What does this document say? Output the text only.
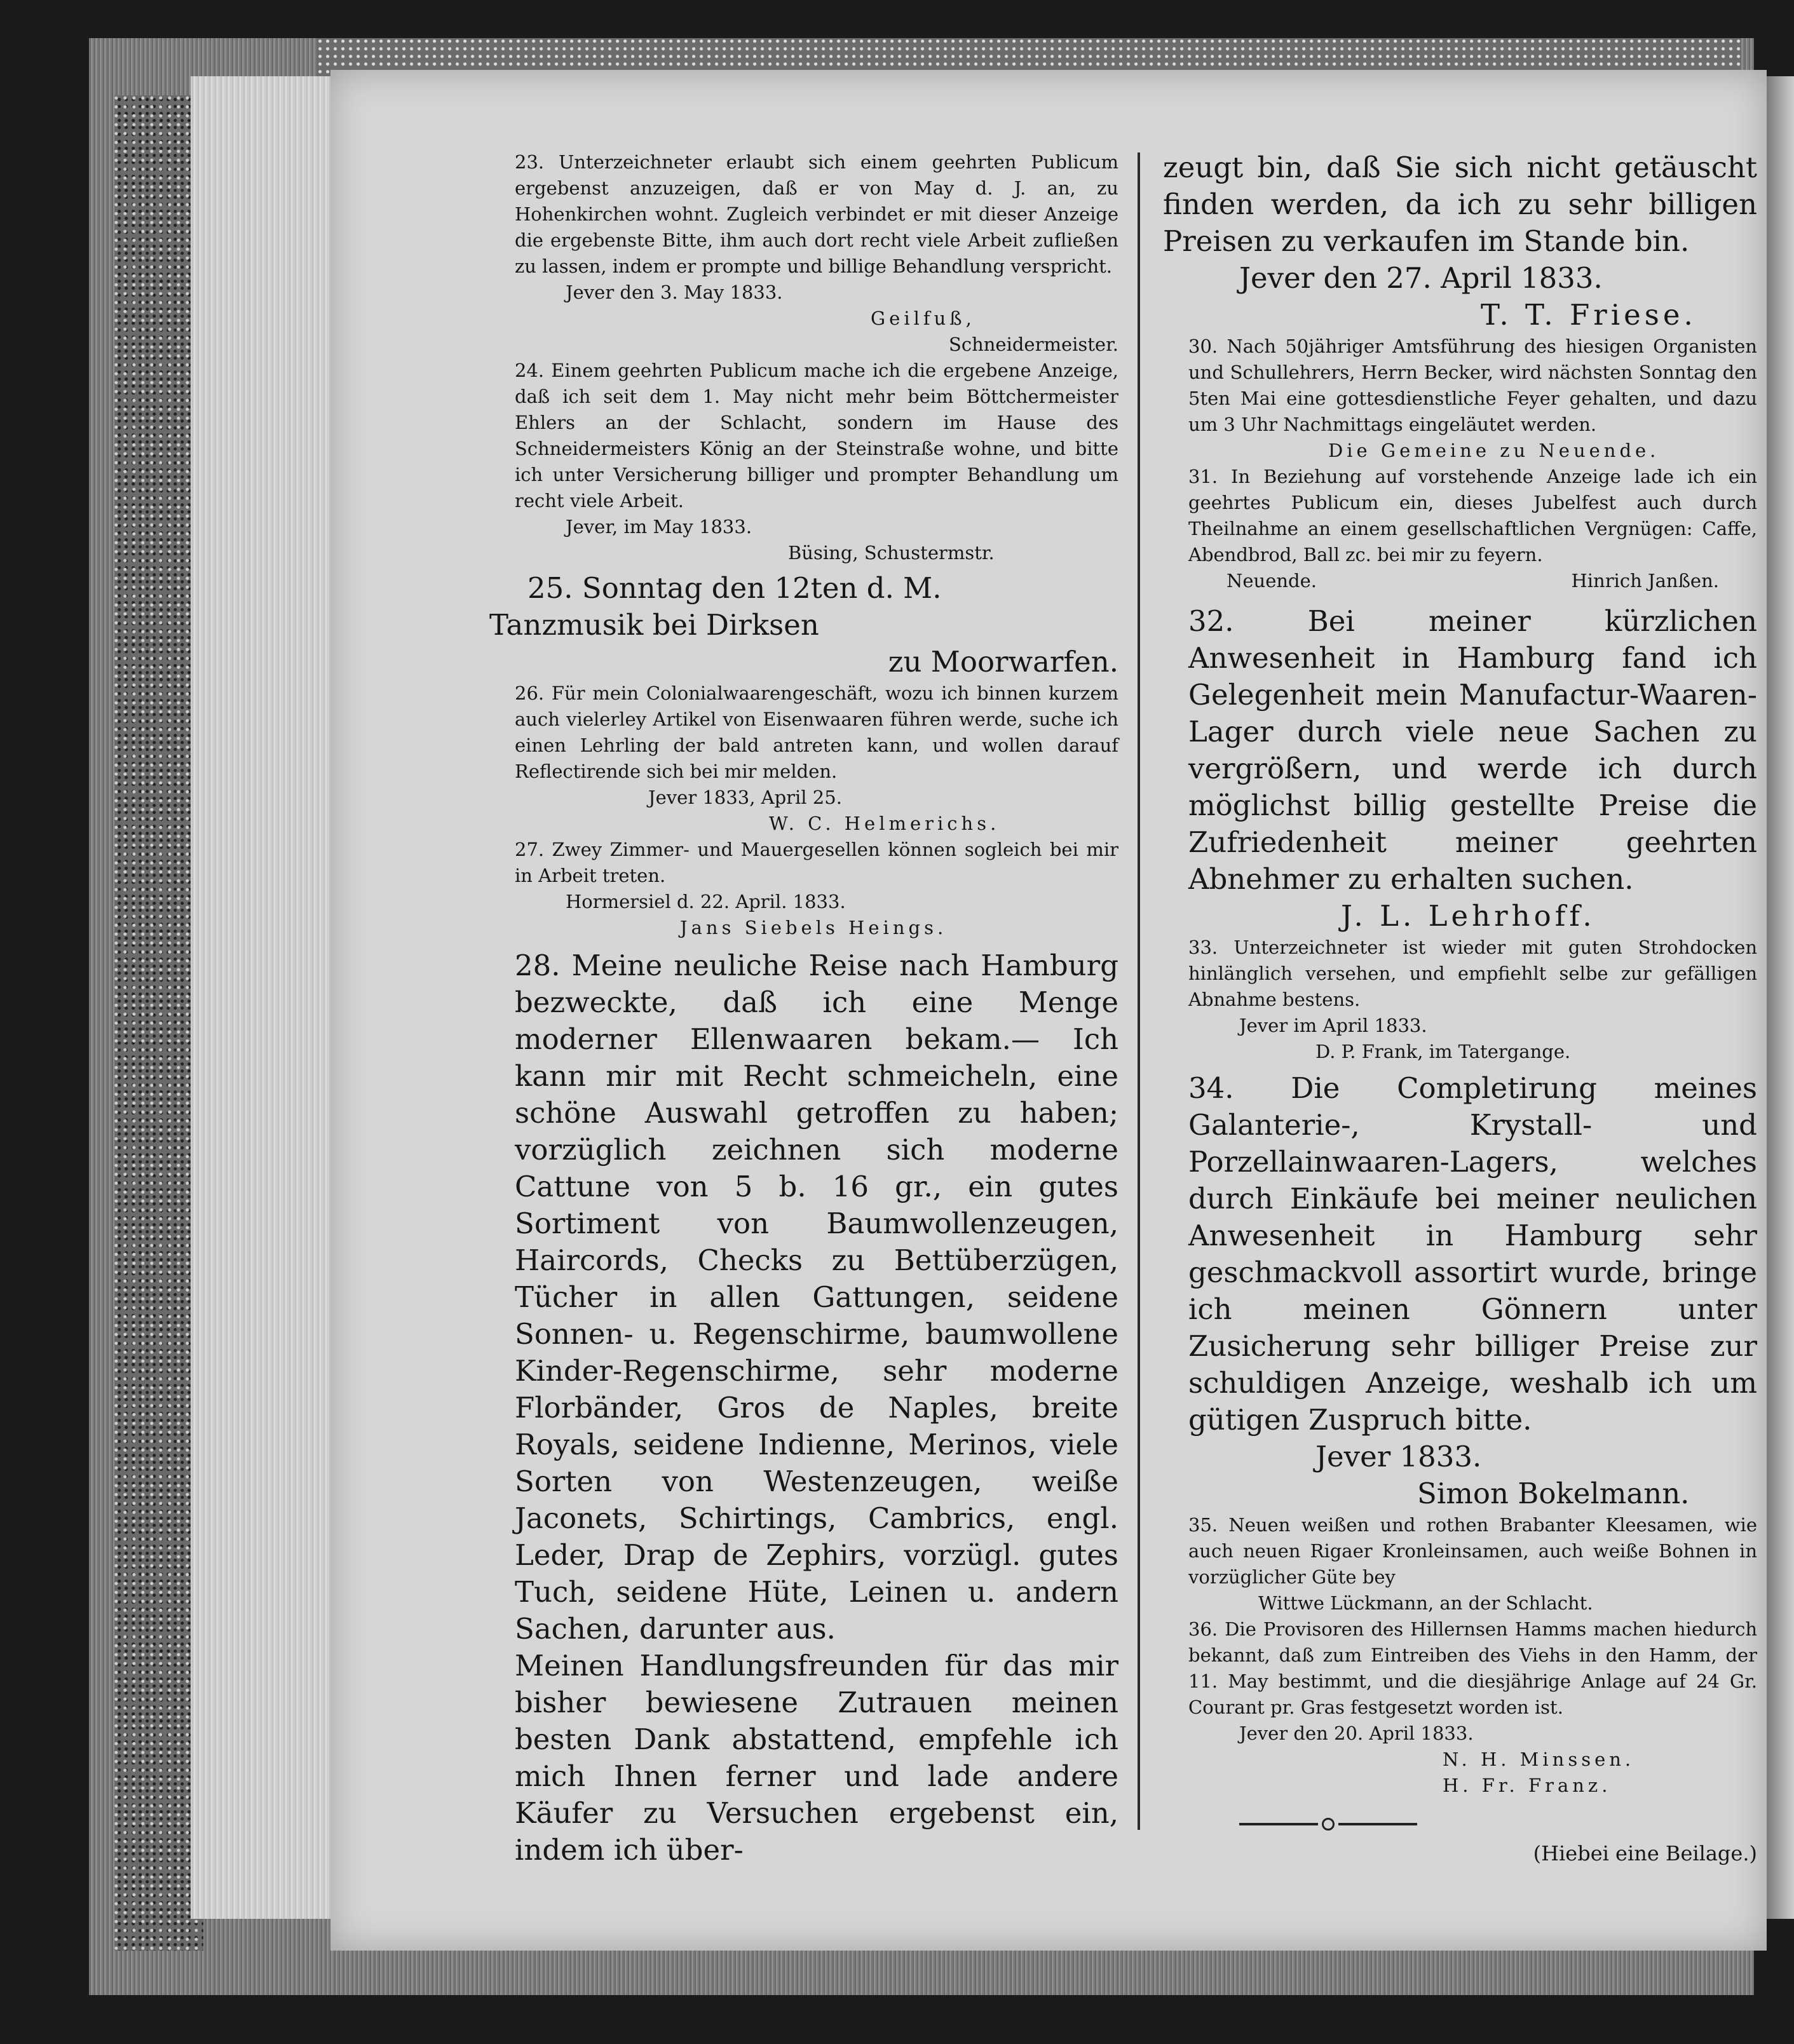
23. Unterzeichneter erlaubt sich einem geehrten Publicum ergebenst anzuzeigen, daß er von May d. J. an, zu Hohenkirchen wohnt. Zugleich verbindet er mit dieser Anzeige die ergebenste Bitte, ihm auch dort recht viele Arbeit zufließen zu lassen, indem er prompte und billige Behandlung verspricht.

Jever den 3. May 1833.

Geilfuß,

Schneidermeister.

24. Einem geehrten Publicum mache ich die ergebene Anzeige, daß ich seit dem 1. May nicht mehr beim Böttchermeister Ehlers an der Schlacht, sondern im Hause des Schneidermeisters König an der Steinstraße wohne, und bitte ich unter Versicherung billiger und prompter Behandlung um recht viele Arbeit.

Jever, im May 1833.

Büsing, Schustermstr.

25. Sonntag den 12ten d. M.

Tanzmusik bei Dirksen

zu Moorwarfen.

26. Für mein Colonialwaarengeschäft, wozu ich binnen kurzem auch vielerley Artikel von Eisenwaaren führen werde, suche ich einen Lehrling der bald antreten kann, und wollen darauf Reflectirende sich bei mir melden.

Jever 1833, April 25.

W. C. Helmerichs.

27. Zwey Zimmer- und Mauergesellen können sogleich bei mir in Arbeit treten.

Hormersiel d. 22. April. 1833.

Jans Siebels Heings.

28. Meine neuliche Reise nach Hamburg bezweckte, daß ich eine Menge moderner Ellenwaaren bekam.— Ich kann mir mit Recht schmeicheln, eine schöne Auswahl getroffen zu haben; vorzüglich zeichnen sich moderne Cattune von 5 b. 16 gr., ein gutes Sortiment von Baumwollenzeugen, Haircords, Checks zu Bettüberzügen, Tücher in allen Gattungen, seidene Sonnen- u. Regenschirme, baumwollene Kinder-Regenschirme, sehr moderne Florbänder, Gros de Naples, breite Royals, seidene Indienne, Merinos, viele Sorten von Westenzeugen, weiße Jaconets, Schirtings, Cambrics, engl. Leder, Drap de Zephirs, vorzügl. gutes Tuch, seidene Hüte, Leinen u. andern Sachen, darunter aus.

Meinen Handlungsfreunden für das mir bisher bewiesene Zutrauen meinen besten Dank abstattend, empfehle ich mich Ihnen ferner und lade andere Käufer zu Versuchen ergebenst ein, indem ich über-

zeugt bin, daß Sie sich nicht getäuscht finden werden, da ich zu sehr billigen Preisen zu verkaufen im Stande bin.

Jever den 27. April 1833.

T. T. Friese.

30. Nach 50jähriger Amtsführung des hiesigen Organisten und Schullehrers, Herrn Becker, wird nächsten Sonntag den 5ten Mai eine gottesdienstliche Feyer gehalten, und dazu um 3 Uhr Nachmittags eingeläutet werden.

Die Gemeine zu Neuende.

31. In Beziehung auf vorstehende Anzeige lade ich ein geehrtes Publicum ein, dieses Jubelfest auch durch Theilnahme an einem gesellschaftlichen Vergnügen: Caffe, Abendbrod, Ball zc. bei mir zu feyern.

Neuende.	Hinrich Janßen.

32. Bei meiner kürzlichen Anwesenheit in Hamburg fand ich Gelegenheit mein Manufactur-Waaren-Lager durch viele neue Sachen zu vergrößern, und werde ich durch möglichst billig gestellte Preise die Zufriedenheit meiner geehrten Abnehmer zu erhalten suchen.

J. L. Lehrhoff.

33. Unterzeichneter ist wieder mit guten Strohdocken hinlänglich versehen, und empfiehlt selbe zur gefälligen Abnahme bestens.

Jever im April 1833.

D. P. Frank, im Tatergange.

34. Die Completirung meines Galanterie-, Krystall- und Porzellainwaaren-Lagers, welches durch Einkäufe bei meiner neulichen Anwesenheit in Hamburg sehr geschmackvoll assortirt wurde, bringe ich meinen Gönnern unter Zusicherung sehr billiger Preise zur schuldigen Anzeige, weshalb ich um gütigen Zuspruch bitte.

Jever 1833.

Simon Bokelmann.

35. Neuen weißen und rothen Brabanter Kleesamen, wie auch neuen Rigaer Kronleinsamen, auch weiße Bohnen in vorzüglicher Güte bey

Wittwe Lückmann, an der Schlacht.

36. Die Provisoren des Hillernsen Hamms machen hiedurch bekannt, daß zum Eintreiben des Viehs in den Hamm, der 11. May bestimmt, und die diesjährige Anlage auf 24 Gr. Courant pr. Gras festgesetzt worden ist.

Jever den 20. April 1833.

N. H. Minssen.

H. Fr. Franz.

(Hiebei eine Beilage.)
